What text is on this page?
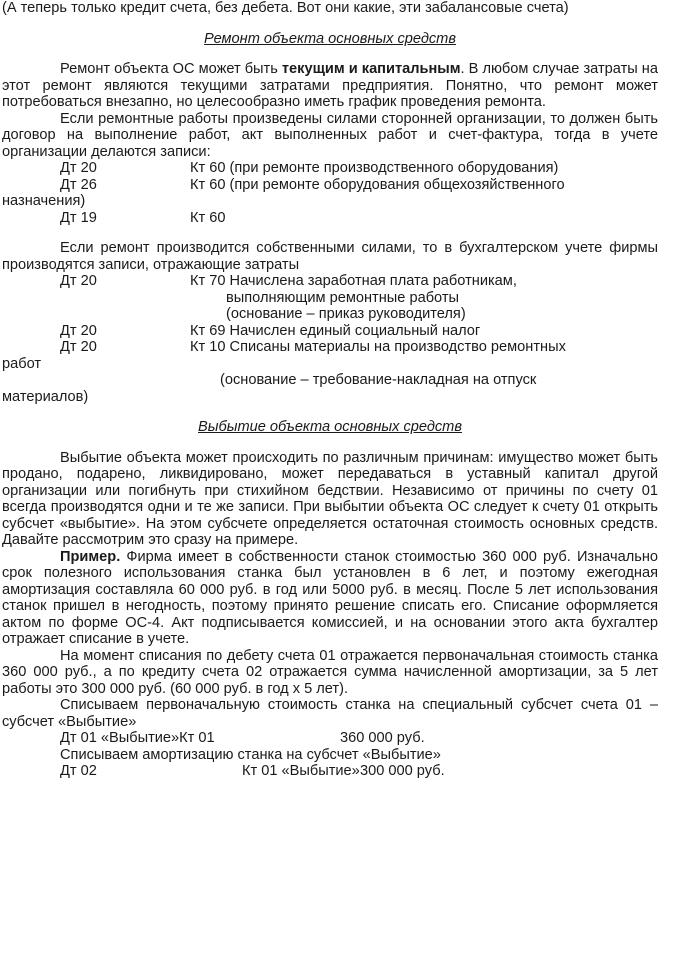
(А теперь только кредит счета, без дебета. Вот они какие, эти забалансовые счета)

Ремонт объекта основных средств

Ремонт объекта ОС может быть текущим и капитальным. В любом случае затраты на этот ремонт являются текущими затратами предприятия. Понятно, что ремонт может потребоваться внезапно, но целесообразно иметь график проведения ремонта.

Если ремонтные работы произведены силами сторонней организации, то должен быть договор на выполнение работ, акт выполненных работ и счет-фактура, тогда в учете организации делаются записи:

Дт 20	Кт 60 (при ремонте производственного оборудования)
Дт 26	Кт 60 (при ремонте оборудования общехозяйственного

назначения)

Дт 19	Кт 60

Если ремонт производится собственными силами, то в бухгалтерском учете фирмы производятся записи, отражающие затраты

Дт 20	Кт 70 Начислена заработная плата работникам,

выполняющим ремонтные работы

(основание – приказ руководителя)

Дт 20	Кт 69 Начислен единый социальный налог
Дт 20	Кт 10 Списаны материалы на производство ремонтных

работ

(основание – требование-накладная на отпуск

материалов)

Выбытие объекта основных средств

Выбытие объекта может происходить по различным причинам: имущество может быть продано, подарено, ликвидировано, может передаваться в уставный капитал другой организации или погибнуть при стихийном бедствии. Независимо от причины по счету 01 всегда производятся одни и те же записи. При выбытии объекта ОС следует к счету 01 открыть субсчет «выбытие». На этом субсчете определяется остаточная стоимость основных средств. Давайте рассмотрим это сразу на примере.

Пример. Фирма имеет в собственности станок стоимостью 360 000 руб. Изначально срок полезного использования станка был установлен в 6 лет, и поэтому ежегодная амортизация составляла 60 000 руб. в год или 5000 руб. в месяц. После 5 лет использования станок пришел в негодность, поэтому принято решение списать его. Списание оформляется актом по форме ОС-4. Акт подписывается комиссией, и на основании этого акта бухгалтер отражает списание в учете.

На момент списания по дебету счета 01 отражается первоначальная стоимость станка 360 000 руб., а по кредиту счета 02 отражается сумма начисленной амортизации, за 5 лет работы это 300 000 руб. (60 000 руб. в год х 5 лет).

Списываем первоначальную стоимость станка на специальный субсчет счета 01 – субсчет «Выбытие»

Дт 01 «Выбытие»Кт 01	360 000 руб.

Списываем амортизацию станка на субсчет «Выбытие»

Дт 02	Кт 01 «Выбытие» 300 000 руб.
